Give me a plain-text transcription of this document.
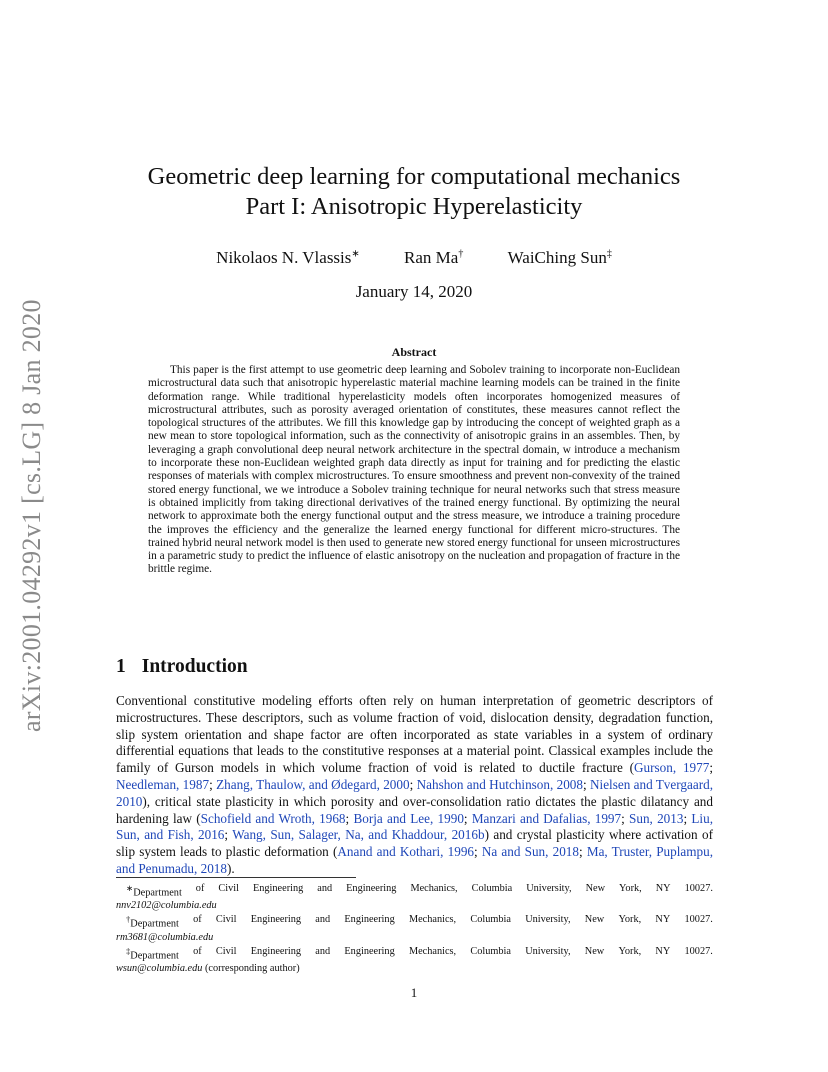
arXiv:2001.04292v1 [cs.LG] 8 Jan 2020
Geometric deep learning for computational mechanics
Part I: Anisotropic Hyperelasticity
Nikolaos N. Vlassis∗	Ran Ma†	WaiChing Sun‡
January 14, 2020
Abstract
This paper is the first attempt to use geometric deep learning and Sobolev training to incorporate non-Euclidean microstructural data such that anisotropic hyperelastic material machine learning models can be trained in the finite deformation range. While traditional hyperelasticity models often incorporates homogenized measures of microstructural attributes, such as porosity averaged orientation of constitutes, these measures cannot reflect the topological structures of the attributes. We fill this knowledge gap by introducing the concept of weighted graph as a new mean to store topological information, such as the connectivity of anisotropic grains in an assembles. Then, by leveraging a graph convolutional deep neural network architecture in the spectral domain, w introduce a mechanism to incorporate these non-Euclidean weighted graph data directly as input for training and for predicting the elastic responses of materials with complex microstructures. To ensure smoothness and prevent non-convexity of the trained stored energy functional, we we introduce a Sobolev training technique for neural networks such that stress measure is obtained implicitly from taking directional derivatives of the trained energy functional. By optimizing the neural network to approximate both the energy functional output and the stress measure, we introduce a training procedure the improves the efficiency and the generalize the learned energy functional for different micro-structures. The trained hybrid neural network model is then used to generate new stored energy functional for unseen microstructures in a parametric study to predict the influence of elastic anisotropy on the nucleation and propagation of fracture in the brittle regime.
1 Introduction
Conventional constitutive modeling efforts often rely on human interpretation of geometric descriptors of microstructures. These descriptors, such as volume fraction of void, dislocation density, degradation function, slip system orientation and shape factor are often incorporated as state variables in a system of ordinary differential equations that leads to the constitutive responses at a material point. Classical examples include the family of Gurson models in which volume fraction of void is related to ductile fracture (Gurson, 1977; Needleman, 1987; Zhang, Thaulow, and Ødegard, 2000; Nahshon and Hutchinson, 2008; Nielsen and Tvergaard, 2010), critical state plasticity in which porosity and over-consolidation ratio dictates the plastic dilatancy and hardening law (Schofield and Wroth, 1968; Borja and Lee, 1990; Manzari and Dafalias, 1997; Sun, 2013; Liu, Sun, and Fish, 2016; Wang, Sun, Salager, Na, and Khaddour, 2016b) and crystal plasticity where activation of slip system leads to plastic deformation (Anand and Kothari, 1996; Na and Sun, 2018; Ma, Truster, Puplampu, and Penumadu, 2018).
∗Department of Civil Engineering and Engineering Mechanics, Columbia University, New York, NY 10027.
nnv2102@columbia.edu
†Department of Civil Engineering and Engineering Mechanics, Columbia University, New York, NY 10027.
rm3681@columbia.edu
‡Department of Civil Engineering and Engineering Mechanics, Columbia University, New York, NY 10027.
wsun@columbia.edu (corresponding author)
1
